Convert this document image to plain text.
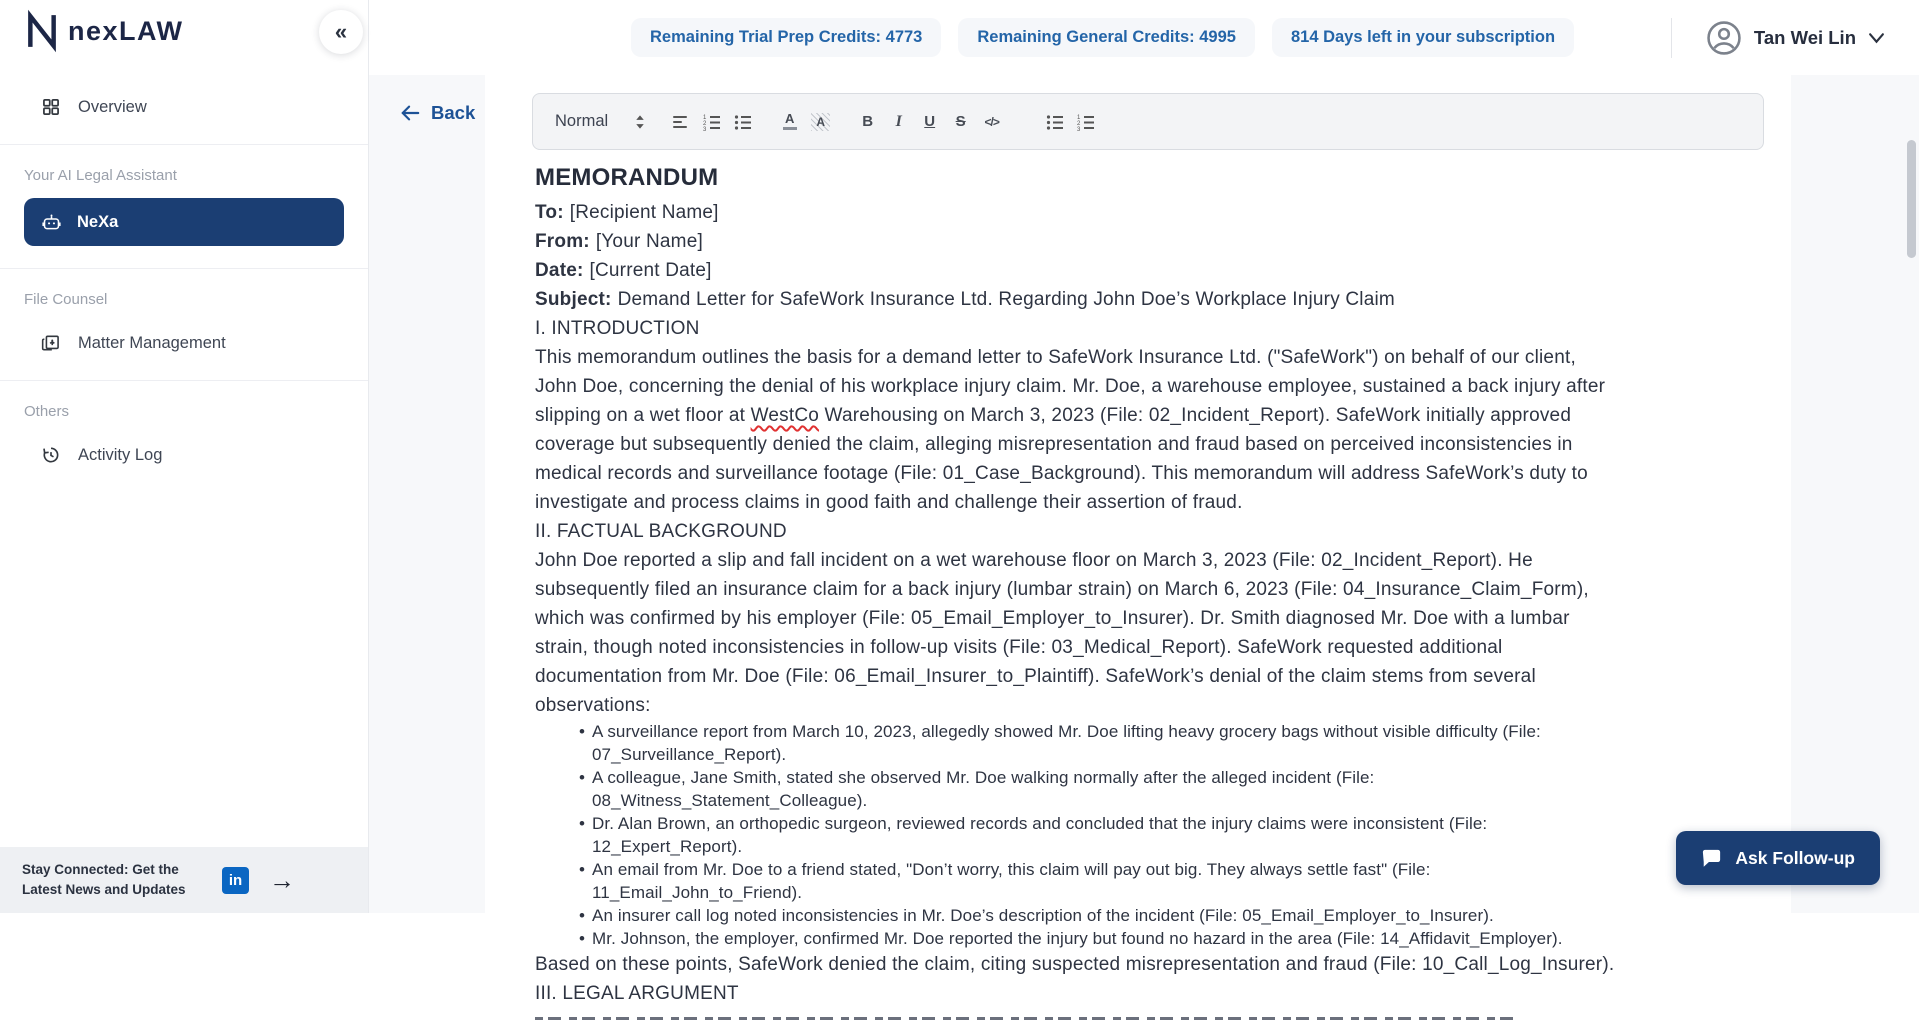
nexLAW	«
Overview
Your AI Legal Assistant
NeXa
File Counsel
Matter Management
Others
Activity Log
Stay Connected: Get the Latest News and Updates
in →
Remaining Trial Prep Credits: 4773	Remaining General Credits: 4995	814 Days left in your subscription	Tan Wei Lin
Normal	1
2
3
A	A	B I U S </>	1
2
3
MEMORANDUM

To: [Recipient Name]

From: [Your Name]

Date: [Current Date]

Subject: Demand Letter for SafeWork Insurance Ltd. Regarding John Doe’s Workplace Injury Claim

I. INTRODUCTION

This memorandum outlines the basis for a demand letter to SafeWork Insurance Ltd. ("SafeWork") on behalf of our client, John Doe, concerning the denial of his workplace injury claim. Mr. Doe, a warehouse employee, sustained a back injury after slipping on a wet floor at WestCo Warehousing on March 3, 2023 (File: 02_Incident_Report). SafeWork initially approved coverage but subsequently denied the claim, alleging misrepresentation and fraud based on perceived inconsistencies in medical records and surveillance footage (File: 01_Case_Background). This memorandum will address SafeWork’s duty to investigate and process claims in good faith and challenge their assertion of fraud.

II. FACTUAL BACKGROUND

John Doe reported a slip and fall incident on a wet warehouse floor on March 3, 2023 (File: 02_Incident_Report). He subsequently filed an insurance claim for a back injury (lumbar strain) on March 6, 2023 (File: 04_Insurance_Claim_Form), which was confirmed by his employer (File: 05_Email_Employer_to_Insurer). Dr. Smith diagnosed Mr. Doe with a lumbar strain, though noted inconsistencies in follow-up visits (File: 03_Medical_Report). SafeWork requested additional documentation from Mr. Doe (File: 06_Email_Insurer_to_Plaintiff). SafeWork’s denial of the claim stems from several observations:

• A surveillance report from March 10, 2023, allegedly showed Mr. Doe lifting heavy grocery bags without visible difficulty (File: 07_Surveillance_Report).
• A colleague, Jane Smith, stated she observed Mr. Doe walking normally after the alleged incident (File: 08_Witness_Statement_Colleague).
• Dr. Alan Brown, an orthopedic surgeon, reviewed records and concluded that the injury claims were inconsistent (File: 12_Expert_Report).
• An email from Mr. Doe to a friend stated, "Don’t worry, this claim will pay out big. They always settle fast" (File: 11_Email_John_to_Friend).
• An insurer call log noted inconsistencies in Mr. Doe’s description of the incident (File: 05_Email_Employer_to_Insurer).
• Mr. Johnson, the employer, confirmed Mr. Doe reported the injury but found no hazard in the area (File: 14_Affidavit_Employer).

Based on these points, SafeWork denied the claim, citing suspected misrepresentation and fraud (File: 10_Call_Log_Insurer).

III. LEGAL ARGUMENT

Back
Ask Follow-up
